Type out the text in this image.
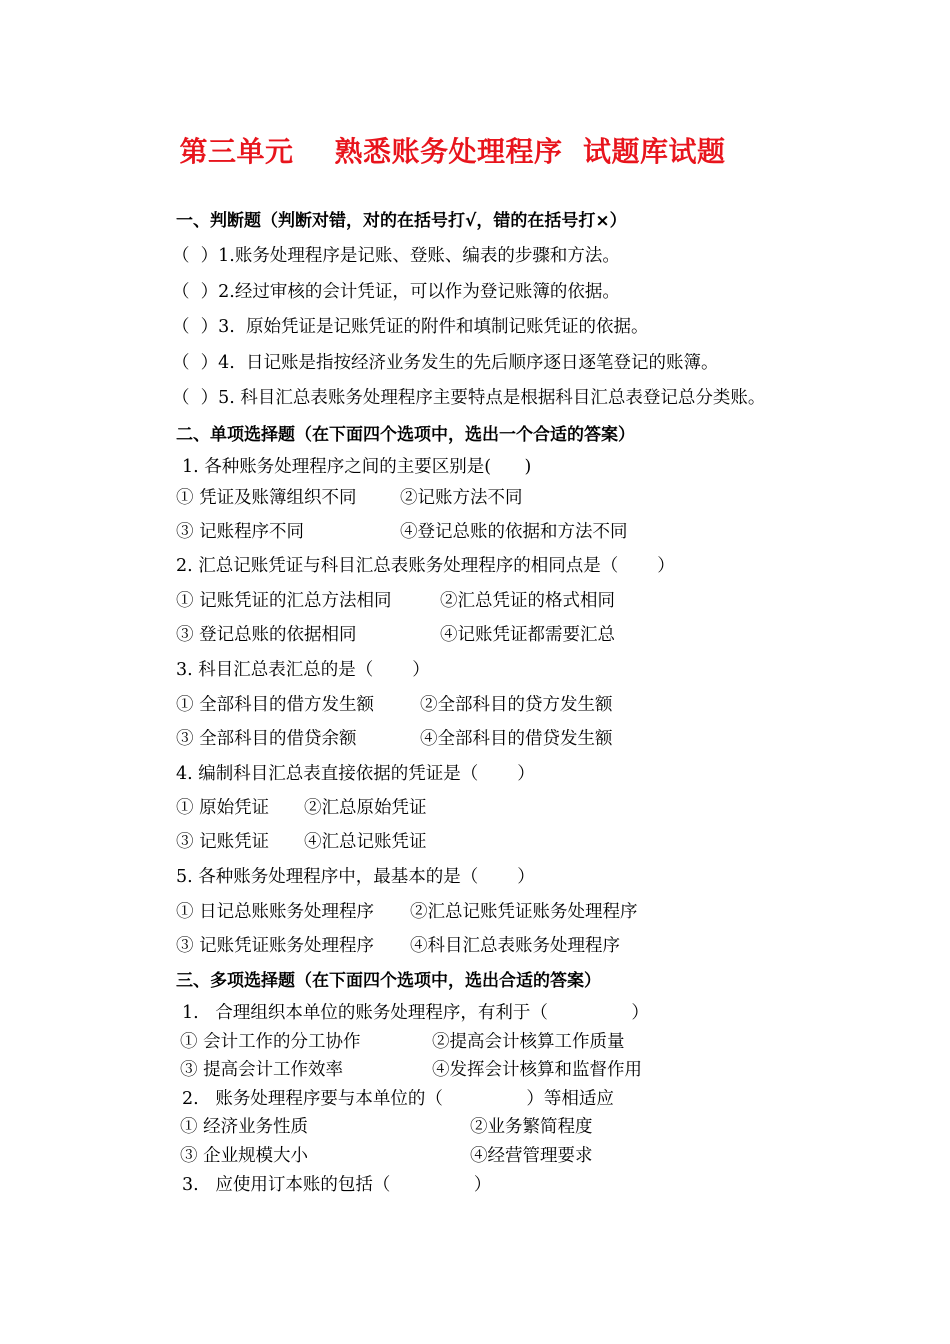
第三单元    熟悉账务处理程序  试题库试题
一、判断题（判断对错，对的在括号打√，错的在括号打×）
（  ）1.账务处理程序是记账、登账、编表的步骤和方法。
（  ）2.经过审核的会计凭证，可以作为登记账簿的依据。
（  ）3.  原始凭证是记账凭证的附件和填制记账凭证的依据。
（  ）4.  日记账是指按经济业务发生的先后顺序逐日逐笔登记的账簿。
（  ）5. 科目汇总表账务处理程序主要特点是根据科目汇总表登记总分类账。
二、单项选择题（在下面四个选项中，选出一个合适的答案）
1. 各种账务处理程序之间的主要区别是(      )
① 凭证及账簿组织不同 ②记账方法不同
③ 记账程序不同	④登记总账的依据和方法不同
2. 汇总记账凭证与科目汇总表账务处理程序的相同点是（       ）
① 记账凭证的汇总方法相同	②汇总凭证的格式相同
③ 登记总账的依据相同	④记账凭证都需要汇总
3. 科目汇总表汇总的是（       ）
① 全部科目的借方发生额	②全部科目的贷方发生额
③ 全部科目的借贷余额	④全部科目的借贷发生额
4. 编制科目汇总表直接依据的凭证是（       ）
① 原始凭证 ②汇总原始凭证
③ 记账凭证 ④汇总记账凭证
5. 各种账务处理程序中，最基本的是（       ）
① 日记总账账务处理程序 ②汇总记账凭证账务处理程序
③ 记账凭证账务处理程序 ④科目汇总表账务处理程序
三、多项选择题（在下面四个选项中，选出合适的答案）
1.   合理组织本单位的账务处理程序，有利于（               ）
① 会计工作的分工协作	②提高会计核算工作质量
③ 提高会计工作效率	④发挥会计核算和监督作用
2.   账务处理程序要与本单位的（               ）等相适应
① 经济业务性质	②业务繁简程度
③ 企业规模大小	④经营管理要求
3.   应使用订本账的包括（               ）
